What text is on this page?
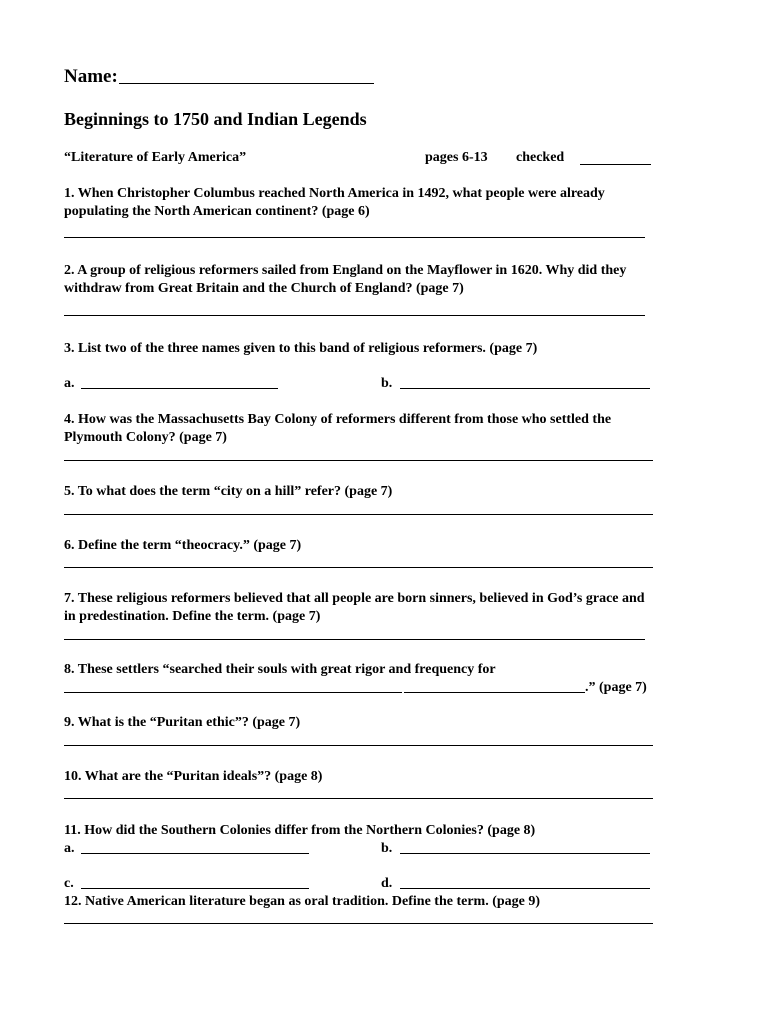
Name:
Beginnings to 1750 and Indian Legends
“Literature of Early America”	pages 6-13 checked
1. When Christopher Columbus reached North America in 1492, what people were already
populating the North American continent? (page 6)
2. A group of religious reformers sailed from England on the Mayflower in 1620. Why did they
withdraw from Great Britain and the Church of England? (page 7)
3. List two of the three names given to this band of religious reformers. (page 7)
a.	b.
4. How was the Massachusetts Bay Colony of reformers different from those who settled the
Plymouth Colony? (page 7)
5. To what does the term “city on a hill” refer? (page 7)
6. Define the term “theocracy.” (page 7)
7. These religious reformers believed that all people are born sinners, believed in God’s grace and
in predestination. Define the term. (page 7)
8. These settlers “searched their souls with great rigor and frequency for
.” (page 7)
9. What is the “Puritan ethic”? (page 7)
10. What are the “Puritan ideals”? (page 8)
11. How did the Southern Colonies differ from the Northern Colonies? (page 8)
a.	b.
c.	d.
12. Native American literature began as oral tradition. Define the term. (page 9)
